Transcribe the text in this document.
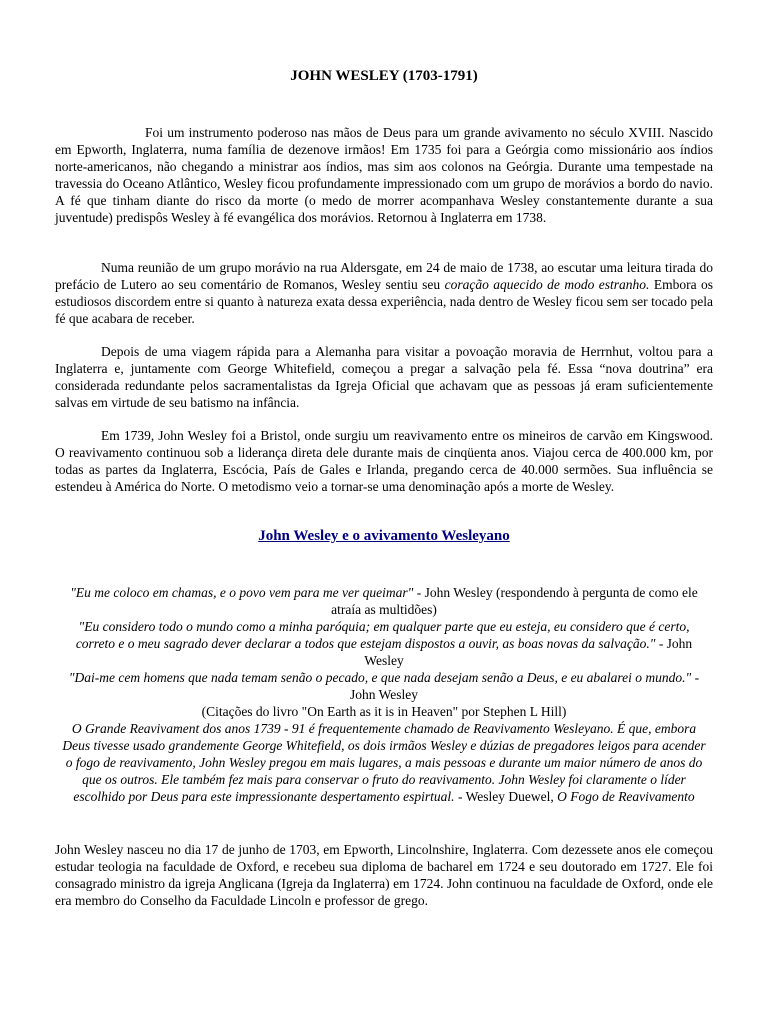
JOHN WESLEY (1703-1791)

Foi um instrumento poderoso nas mãos de Deus para um grande avivamento no século XVIII. Nascido em Epworth, Inglaterra, numa família de dezenove irmãos! Em 1735 foi para a Geórgia como missionário aos índios norte-americanos, não chegando a ministrar aos índios, mas sim aos colonos na Geórgia. Durante uma tempestade na travessia do Oceano Atlântico, Wesley ficou profundamente impressionado com um grupo de morávios a bordo do navio. A fé que tinham diante do risco da morte (o medo de morrer acompanhava Wesley constantemente durante a sua juventude) predispôs Wesley à fé evangélica dos morávios. Retornou à Inglaterra em 1738.

Numa reunião de um grupo morávio na rua Aldersgate, em 24 de maio de 1738, ao escutar uma leitura tirada do prefácio de Lutero ao seu comentário de Romanos, Wesley sentiu seu coração aquecido de modo estranho. Embora os estudiosos discordem entre si quanto à natureza exata dessa experiência, nada dentro de Wesley ficou sem ser tocado pela fé que acabara de receber.

Depois de uma viagem rápida para a Alemanha para visitar a povoação moravia de Herrnhut, voltou para a Inglaterra e, juntamente com George Whitefield, começou a pregar a salvação pela fé. Essa “nova doutrina” era considerada redundante pelos sacramentalistas da Igreja Oficial que achavam que as pessoas já eram suficientemente salvas em virtude de seu batismo na infância.

Em 1739, John Wesley foi a Bristol, onde surgiu um reavivamento entre os mineiros de carvão em Kingswood. O reavivamento continuou sob a liderança direta dele durante mais de cinqüenta anos. Viajou cerca de 400.000 km, por todas as partes da Inglaterra, Escócia, País de Gales e Irlanda, pregando cerca de 40.000 sermões. Sua influência se estendeu à América do Norte. O metodismo veio a tornar-se uma denominação após a morte de Wesley.

John Wesley e o avivamento Wesleyano

"Eu me coloco em chamas, e o povo vem para me ver queimar" - John Wesley (respondendo à pergunta de como ele atraía as multidões)

"Eu considero todo o mundo como a minha paróquia; em qualquer parte que eu esteja, eu considero que é certo, correto e o meu sagrado dever declarar a todos que estejam dispostos a ouvir, as boas novas da salvação." - John Wesley

"Dai-me cem homens que nada temam senão o pecado, e que nada desejam senão a Deus, e eu abalarei o mundo." - John Wesley

(Citações do livro "On Earth as it is in Heaven" por Stephen L Hill)

O Grande Reavivament dos anos 1739 - 91 é frequentemente chamado de Reavivamento Wesleyano. É que, embora Deus tivesse usado grandemente George Whitefield, os dois irmãos Wesley e dúzias de pregadores leigos para acender o fogo de reavivamento, John Wesley pregou em mais lugares, a mais pessoas e durante um maior número de anos do que os outros. Ele também fez mais para conservar o fruto do reavivamento. John Wesley foi claramente o líder escolhido por Deus para este impressionante despertamento espirtual. - Wesley Duewel, O Fogo de Reavivamento

John Wesley nasceu no dia 17 de junho de 1703, em Epworth, Lincolnshire, Inglaterra. Com dezessete anos ele começou estudar teologia na faculdade de Oxford, e recebeu sua diploma de bacharel em 1724 e seu doutorado em 1727. Ele foi consagrado ministro da igreja Anglicana (Igreja da Inglaterra) em 1724. John continuou na faculdade de Oxford, onde ele era membro do Conselho da Faculdade Lincoln e professor de grego.
